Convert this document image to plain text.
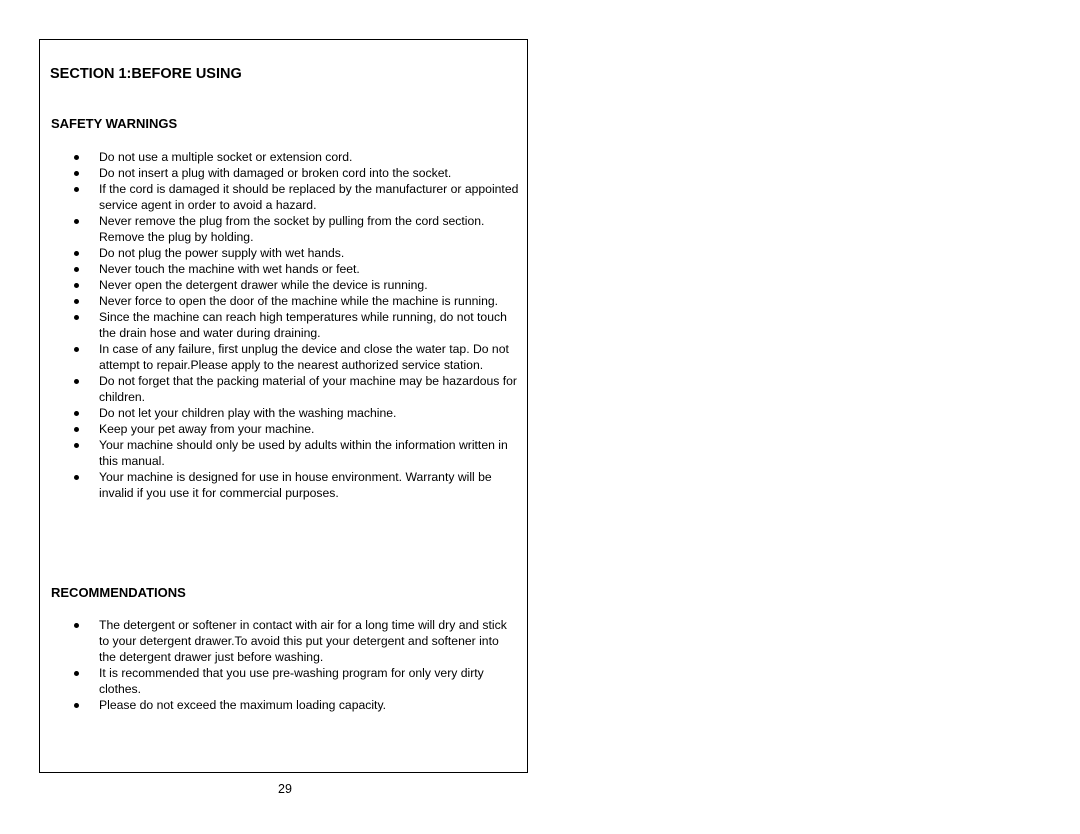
SECTION 1:BEFORE USING
SAFETY WARNINGS
Do not use a multiple socket or extension cord.
Do not insert a plug with damaged or broken cord into the socket.
If the cord is damaged it should be replaced by the manufacturer or appointed service agent in order to avoid a hazard.
Never remove the plug from the socket by pulling from the cord section. Remove the plug by holding.
Do not plug the power supply with wet hands.
Never touch the machine with wet hands or feet.
Never open the detergent drawer while the device is running.
Never force to open the door of the machine while the machine is running.
Since the machine can reach high temperatures while running, do not touch the drain hose and water during draining.
In case of any failure, first unplug the device and close the water tap. Do not attempt to repair.Please apply to the nearest authorized service station.
Do not forget that the packing material of your machine may be hazardous for children.
Do not let your children play with the washing machine.
Keep your pet away from your machine.
Your machine should only be used by adults within the information written in this manual.
Your machine is designed for use in house environment. Warranty will be invalid if you use it for commercial purposes.
RECOMMENDATIONS
The detergent or softener in contact with air for a long time will dry and stick to your detergent drawer.To avoid this put your detergent and softener into the detergent drawer just before washing.
It is recommended that you use pre-washing program for only very dirty clothes.
Please do not exceed the maximum loading capacity.
29
